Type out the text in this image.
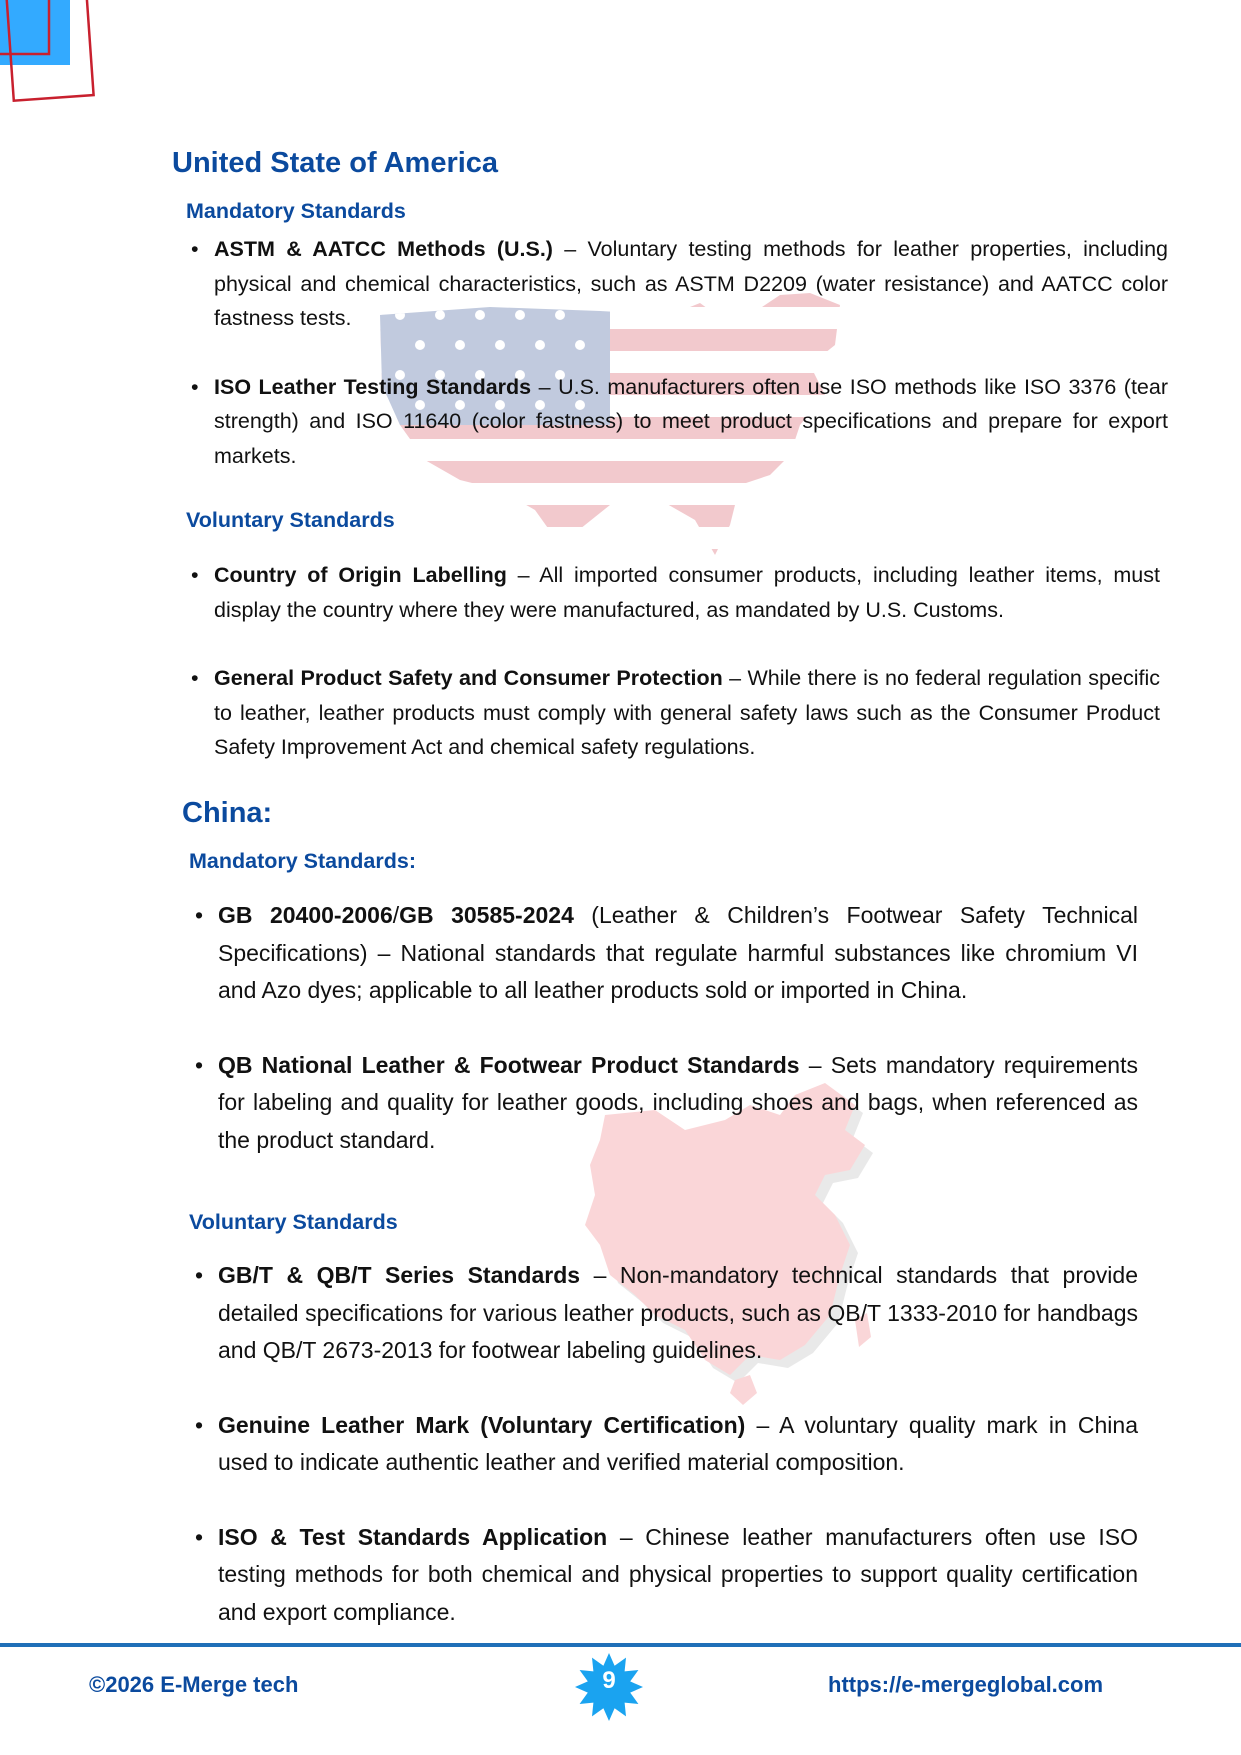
United State of America
Mandatory Standards
• ASTM & AATCC Methods (U.S.) – Voluntary testing methods for leather properties, including physical and chemical characteristics, such as ASTM D2209 (water resistance) and AATCC color fastness tests.
• ISO Leather Testing Standards – U.S. manufacturers often use ISO methods like ISO 3376 (tear strength) and ISO 11640 (color fastness) to meet product specifications and prepare for export markets.
Voluntary Standards
• Country of Origin Labelling – All imported consumer products, including leather items, must display the country where they were manufactured, as mandated by U.S. Customs.
• General Product Safety and Consumer Protection – While there is no federal regulation specific to leather, leather products must comply with general safety laws such as the Consumer Product Safety Improvement Act and chemical safety regulations.
China:
Mandatory Standards:
• GB 20400-2006/GB 30585-2024 (Leather & Children’s Footwear Safety Technical Specifications) – National standards that regulate harmful substances like chromium VI and Azo dyes; applicable to all leather products sold or imported in China.
• QB National Leather & Footwear Product Standards – Sets mandatory requirements for labeling and quality for leather goods, including shoes and bags, when referenced as the product standard.
Voluntary Standards
• GB/T & QB/T Series Standards – Non-mandatory technical standards that provide detailed specifications for various leather products, such as QB/T 1333-2010 for handbags and QB/T 2673-2013 for footwear labeling guidelines.
• Genuine Leather Mark (Voluntary Certification) – A voluntary quality mark in China used to indicate authentic leather and verified material composition.
• ISO & Test Standards Application – Chinese leather manufacturers often use ISO testing methods for both chemical and physical properties to support quality certification and export compliance.

©2026 E-Merge tech	9	https://e-mergeglobal.com
